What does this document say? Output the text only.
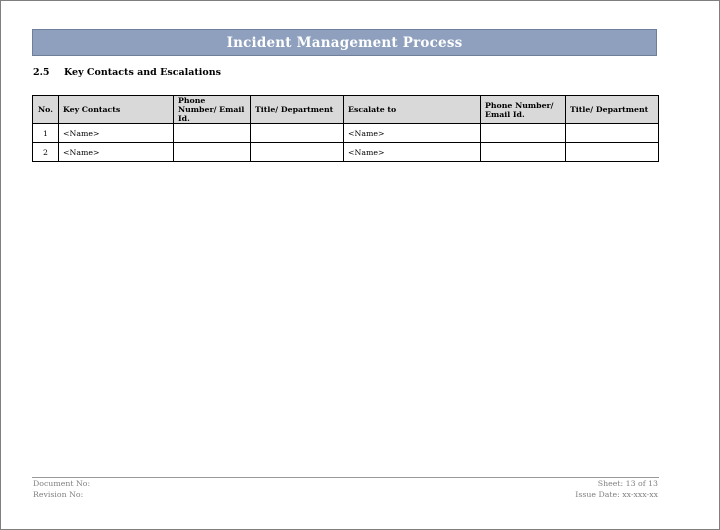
Incident Management Process
2.5 Key Contacts and Escalations
No.	Key Contacts	Phone Number/ Email Id.	Title/ Department	Escalate to	Phone Number/ Email Id.	Title/ Department
1	<Name>			<Name>		
2	<Name>			<Name>		
Document No:
Revision No:
Sheet: 13 of 13
Issue Date: xx-xxx-xx
